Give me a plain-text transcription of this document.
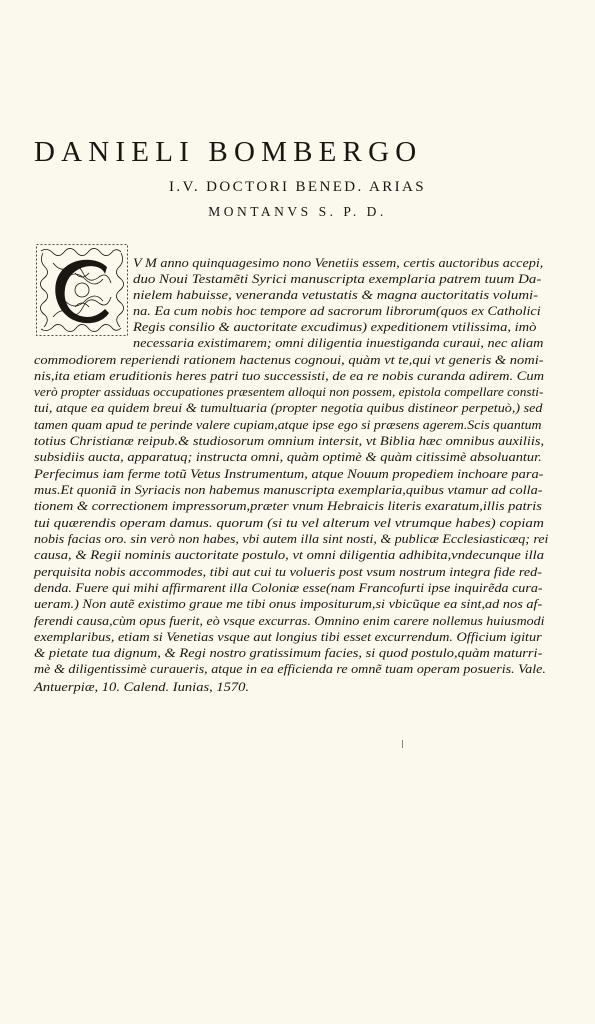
DANIELI BOMBERGO
I.V. DOCTORI BENED. ARIAS
MONTANVS S. P. D.
V M anno quinquagesimo nono Venetiis essem, certis auctoribus accepi,
duo Noui Testamẽti Syrici manuscripta exemplaria patrem tuum Da-
nielem habuisse, veneranda vetustatis & magna auctoritatis volumi-
na. Ea cum nobis hoc tempore ad sacrorum librorum(quos ex Catholici
Regis consilio & auctoritate excudimus) expeditionem vtilissima, imò
necessaria existimarem; omni diligentia inuestiganda curaui, nec aliam
commodiorem reperiendi rationem hactenus cognoui, quàm vt te,qui vt generis & nomi-
nis,ita etiam eruditionis heres patri tuo successisti, de ea re nobis curanda adirem. Cum
verò propter assiduas occupationes præsentem alloqui non possem, epistola compellare consti-
tui, atque ea quidem breui & tumultuaria (propter negotia quibus distineor perpetuò,) sed
tamen quam apud te perinde valere cupiam,atque ipse ego si præsens agerem.Scis quantum
totius Christianæ reipub.& studiosorum omnium intersit, vt Biblia hæc omnibus auxiliis,
subsidiis aucta, apparatuq; instructa omni, quàm optimè & quàm citissimè absoluantur.
Perfecimus iam ferme totũ Vetus Instrumentum, atque Nouum propediem inchoare para-
mus.Et quoniã in Syriacis non habemus manuscripta exemplaria,quibus vtamur ad colla-
tionem & correctionem impressorum,præter vnum Hebraicis literis exaratum,illis patris
tui quærendis operam damus. quorum (si tu vel alterum vel vtrumque habes) copiam
nobis facias oro. sin verò non habes, vbi autem illa sint nosti, & publicæ Ecclesiasticæq; rei
causa, & Regii nominis auctoritate postulo, vt omni diligentia adhibita,vndecunque illa
perquisita nobis accommodes, tibi aut cui tu volueris post vsum nostrum integra fide red-
denda. Fuere qui mihi affirmarent illa Coloniæ esse(nam Francofurti ipse inquirẽda cura-
ueram.) Non autẽ existimo graue me tibi onus impositurum,si vbicũque ea sint,ad nos af-
ferendi causa,cùm opus fuerit, eò vsque excurras. Omnino enim carere nollemus huiusmodi
exemplaribus, etiam si Venetias vsque aut longius tibi esset excurrendum. Officium igitur
& pietate tua dignum, & Regi nostro gratissimum facies, si quod postulo,quàm maturri-
mè & diligentissimè curaueris, atque in ea efficienda re omnẽ tuam operam posueris. Vale.
Antuerpiæ, 10. Calend. Iunias, 1570.
